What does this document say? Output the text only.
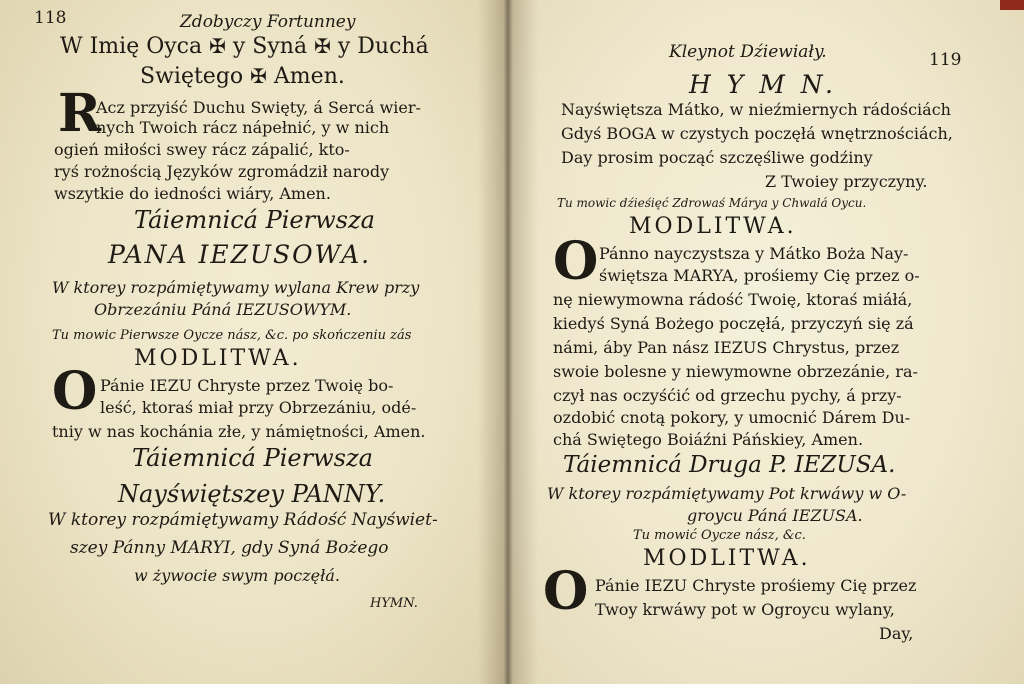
118	Zdobyczy Fortunney
W Imię Oyca ✠ y Syná ✠ y Duchá
Swiętego ✠ Amen.
R
Acz przyiść Duchu Swięty, á Sercá wier-
nych Twoich rácz nápełnić, y w nich
ogień miłości swey rácz zápalić, kto-
ryś rożnością Języków zgromádził narody
wszytkie do iedności wiáry, Amen.
Táiemnicá Pierwsza
PANA IEZUSOWA.
W ktorey rozpámiętywamy wylana Krew przy
Obrzezániu Páná IEZUSOWYM.
Tu mowic Pierwsze Oycze nász, &c. po skończeniu zás
MODLITWA.
O Pánie IEZU Chryste przez Twoię bo-
leść, ktoraś miał przy Obrzezániu, odé-
tniy w nas kochánia złe, y námiętności, Amen.
Táiemnicá Pierwsza
Nayświętszey PANNY.
W ktorey rozpámiętywamy Rádość Nayświet-
szey Pánny MARYI, gdy Syná Bożego
w żywocie swym poczęłá.
HYMN.
Kleynot Dźiewiały.	119
H Y M N.
Nayświętsza Mátko, w nieźmiernych rádościách
Gdyś BOGA w czystych poczęłá wnętrznościách,
Day prosim począć szczęśliwe godźiny
Z Twoiey przyczyny.
Tu mowic dźieśięć Zdrowaś Márya y Chwalá Oycu.
MODLITWA.
O Pánno nayczystsza y Mátko Boża Nay-
świętsza MARYA, prośiemy Cię przez o-
nę niewymowna rádość Twoię, ktoraś miáłá,
kiedyś Syná Bożego poczęłá, przyczyń się zá
námi, áby Pan nász IEZUS Chrystus, przez
swoie bolesne y niewymowne obrzezánie, ra-
czył nas oczyśćić od grzechu pychy, á przy-
ozdobić cnotą pokory, y umocnić Dárem Du-
chá Swiętego Boiáźni Páńskiey, Amen.
Táiemnicá Druga P. IEZUSA.
W ktorey rozpámiętywamy Pot krwáwy w O-
groycu Páná IEZUSA.
Tu mowić Oycze nász, &c.
MODLITWA.
O Pánie IEZU Chryste prośiemy Cię przez
Twoy krwáwy pot w Ogroycu wylany,
Day,
